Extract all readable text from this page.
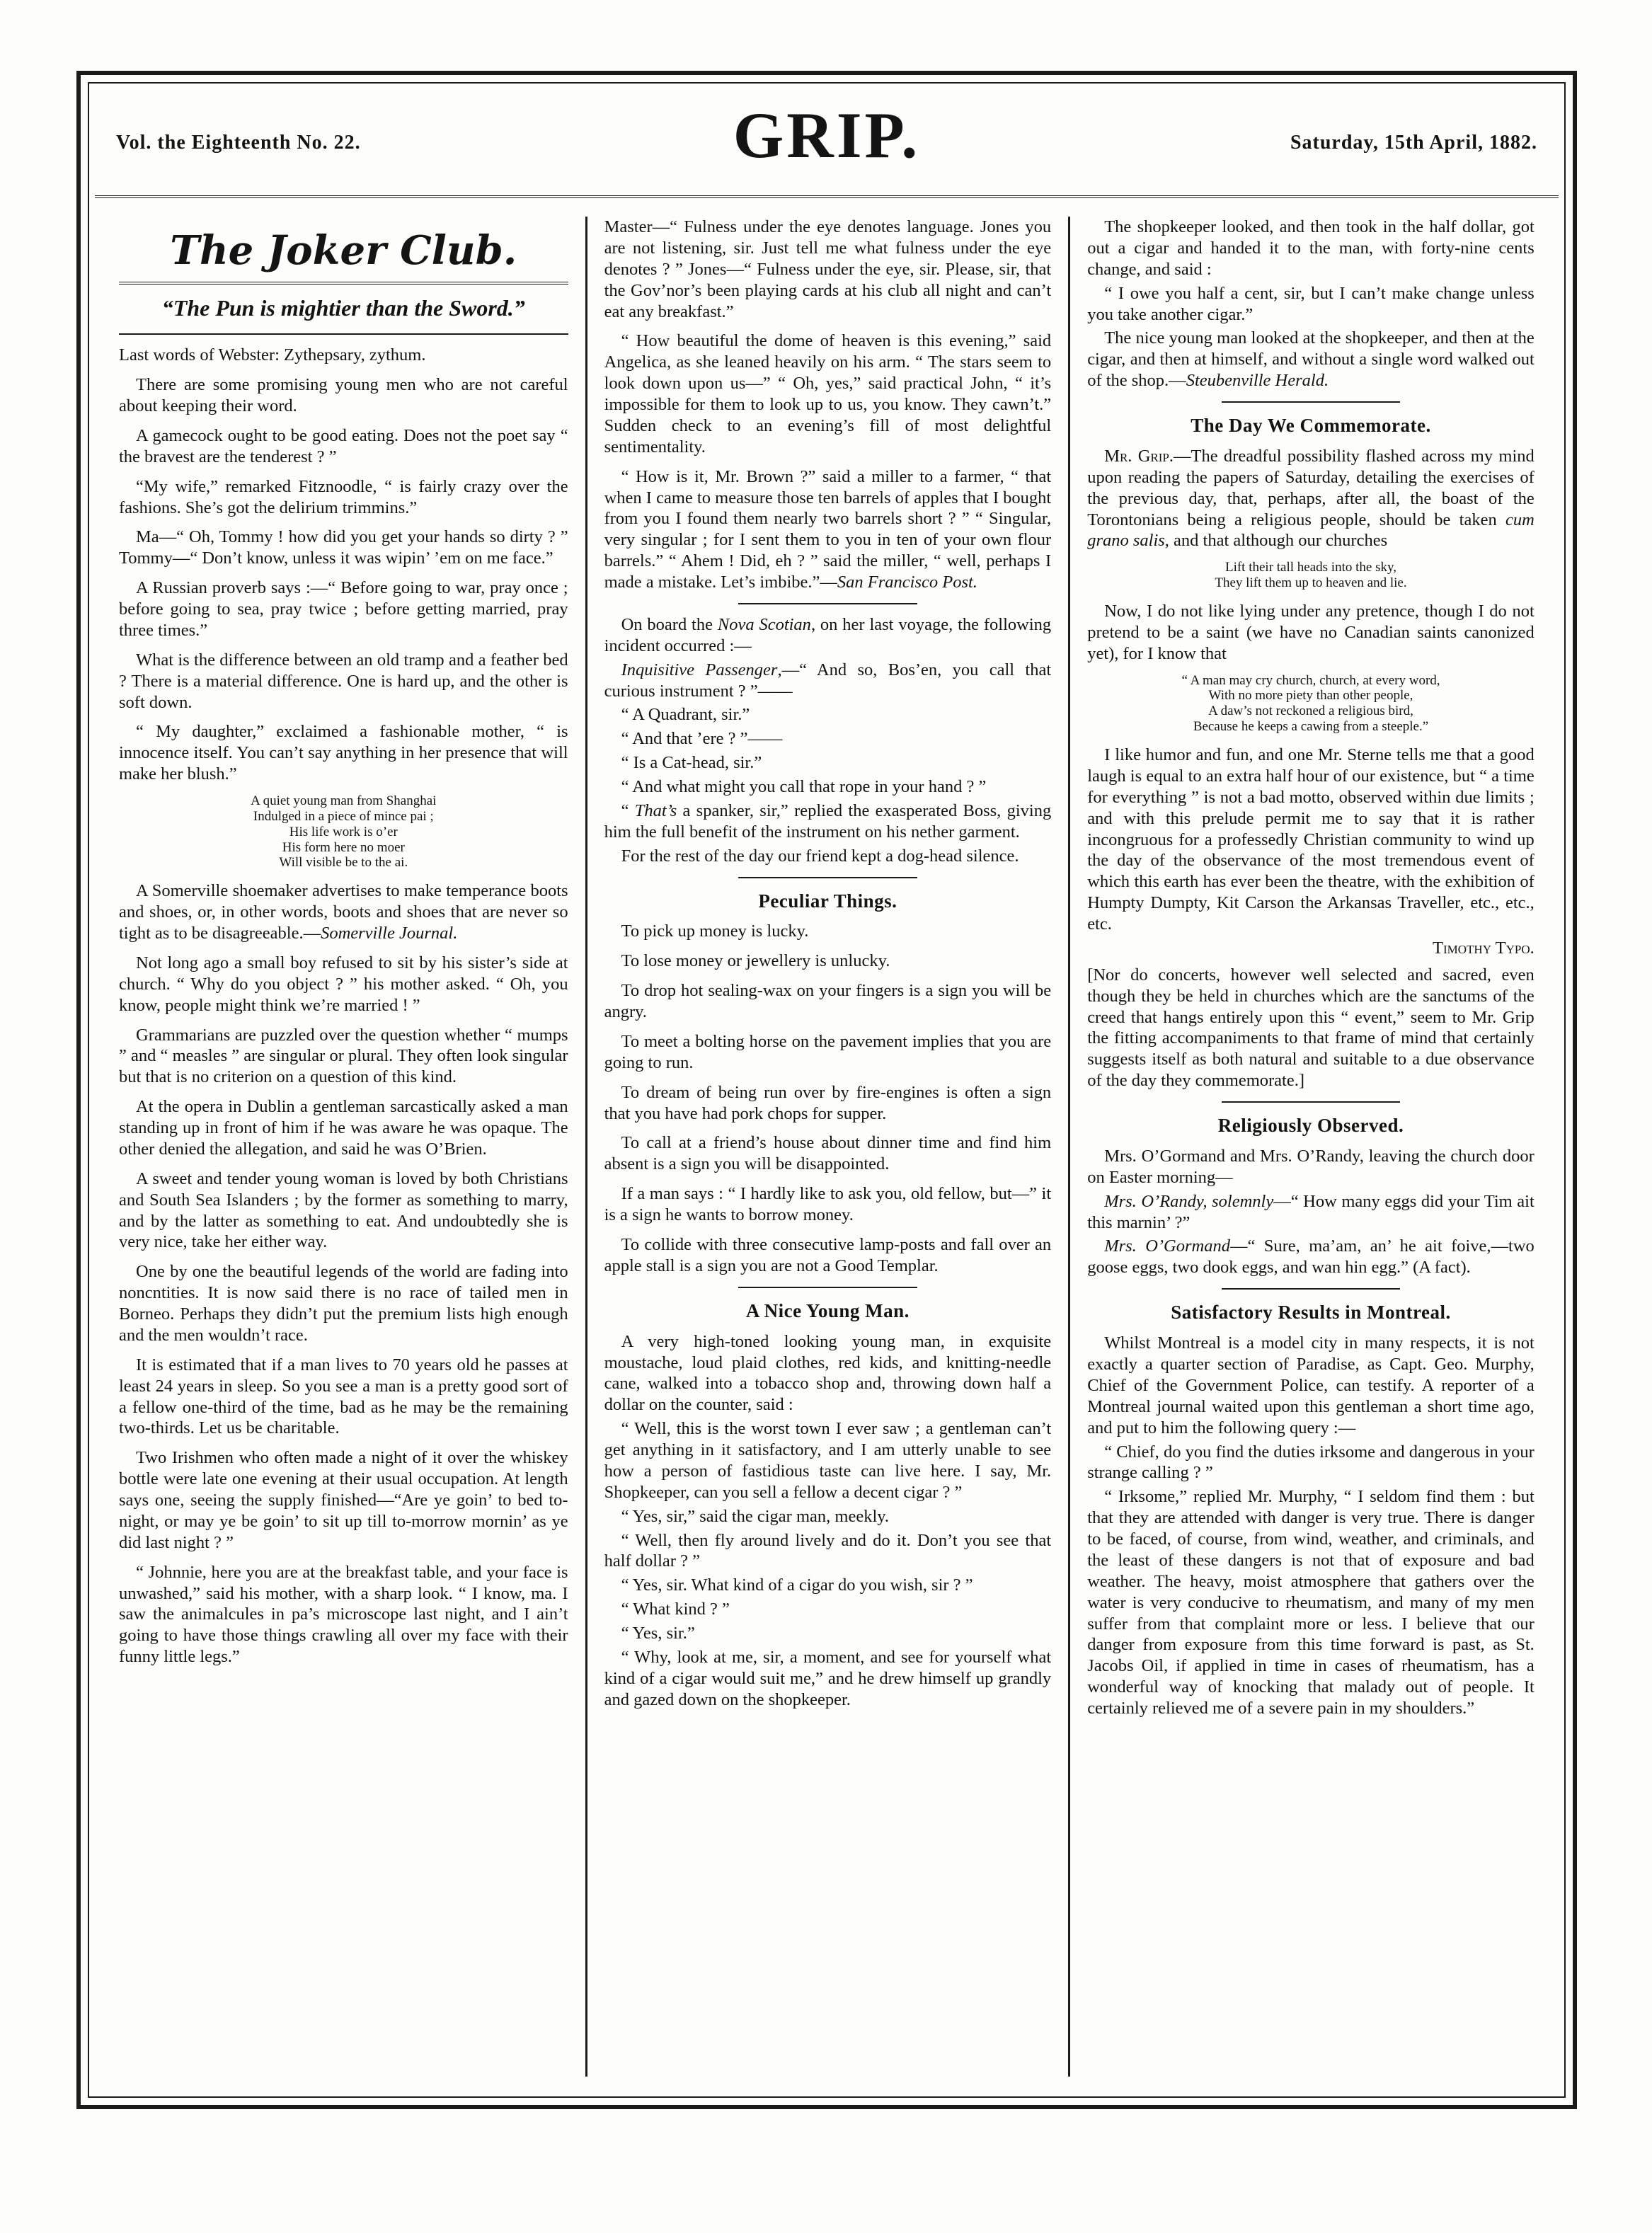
Vol. the Eighteenth No. 22.	GRIP.	Saturday, 15th April, 1882.
The Joker Club.
“The Pun is mightier than the Sword.”

Last words of Webster: Zythepsary, zythum.

There are some promising young men who are not careful about keeping their word.

A gamecock ought to be good eating. Does not the poet say “ the bravest are the tenderest ? ”

“My wife,” remarked Fitznoodle, “ is fairly crazy over the fashions. She’s got the delirium trimmins.”

Ma—“ Oh, Tommy ! how did you get your hands so dirty ? ” Tommy—“ Don’t know, unless it was wipin’ ’em on me face.”

A Russian proverb says :—“ Before going to war, pray once ; before going to sea, pray twice ; before getting married, pray three times.”

What is the difference between an old tramp and a feather bed ? There is a material difference. One is hard up, and the other is soft down.

“ My daughter,” exclaimed a fashionable mother, “ is innocence itself. You can’t say anything in her presence that will make her blush.”

A quiet young man from Shanghai
Indulged in a piece of mince pai ;
His life work is o’er
His form here no moer
Will visible be to the ai.

A Somerville shoemaker advertises to make temperance boots and shoes, or, in other words, boots and shoes that are never so tight as to be disagreeable.—Somerville Journal.

Not long ago a small boy refused to sit by his sister’s side at church. “ Why do you object ? ” his mother asked. “ Oh, you know, people might think we’re married ! ”

Grammarians are puzzled over the question whether “ mumps ” and “ measles ” are singular or plural. They often look singular but that is no criterion on a question of this kind.

At the opera in Dublin a gentleman sarcastically asked a man standing up in front of him if he was aware he was opaque. The other denied the allegation, and said he was O’Brien.

A sweet and tender young woman is loved by both Christians and South Sea Islanders ; by the former as something to marry, and by the latter as something to eat. And undoubtedly she is very nice, take her either way.

One by one the beautiful legends of the world are fading into noncntities. It is now said there is no race of tailed men in Borneo. Perhaps they didn’t put the premium lists high enough and the men wouldn’t race.

It is estimated that if a man lives to 70 years old he passes at least 24 years in sleep. So you see a man is a pretty good sort of a fellow one-third of the time, bad as he may be the remaining two-thirds. Let us be charitable.

Two Irishmen who often made a night of it over the whiskey bottle were late one evening at their usual occupation. At length says one, seeing the supply finished—“Are ye goin’ to bed to-night, or may ye be goin’ to sit up till to-morrow mornin’ as ye did last night ? ”

“ Johnnie, here you are at the breakfast table, and your face is unwashed,” said his mother, with a sharp look. “ I know, ma. I saw the animalcules in pa’s microscope last night, and I ain’t going to have those things crawling all over my face with their funny little legs.”

Master—“ Fulness under the eye denotes language. Jones you are not listening, sir. Just tell me what fulness under the eye denotes ? ” Jones—“ Fulness under the eye, sir. Please, sir, that the Gov’nor’s been playing cards at his club all night and can’t eat any breakfast.”

“ How beautiful the dome of heaven is this evening,” said Angelica, as she leaned heavily on his arm. “ The stars seem to look down upon us—” “ Oh, yes,” said practical John, “ it’s impossible for them to look up to us, you know. They cawn’t.” Sudden check to an evening’s fill of most delightful sentimentality.

“ How is it, Mr. Brown ?” said a miller to a farmer, “ that when I came to measure those ten barrels of apples that I bought from you I found them nearly two barrels short ? ” “ Singular, very singular ; for I sent them to you in ten of your own flour barrels.” “ Ahem ! Did, eh ? ” said the miller, “ well, perhaps I made a mistake. Let’s imbibe.”—San Francisco Post.

On board the Nova Scotian, on her last voyage, the following incident occurred :—

Inquisitive Passenger,—“ And so, Bos’en, you call that curious instrument ? ”——

“ A Quadrant, sir.”

“ And that ’ere ? ”——

“ Is a Cat-head, sir.”

“ And what might you call that rope in your hand ? ”

“ That’s a spanker, sir,” replied the exasperated Boss, giving him the full benefit of the instrument on his nether garment.

For the rest of the day our friend kept a dog-head silence.

Peculiar Things.

To pick up money is lucky.

To lose money or jewellery is unlucky.

To drop hot sealing-wax on your fingers is a sign you will be angry.

To meet a bolting horse on the pavement implies that you are going to run.

To dream of being run over by fire-engines is often a sign that you have had pork chops for supper.

To call at a friend’s house about dinner time and find him absent is a sign you will be disappointed.

If a man says : “ I hardly like to ask you, old fellow, but—” it is a sign he wants to borrow money.

To collide with three consecutive lamp-posts and fall over an apple stall is a sign you are not a Good Templar.

A Nice Young Man.

A very high-toned looking young man, in exquisite moustache, loud plaid clothes, red kids, and knitting-needle cane, walked into a tobacco shop and, throwing down half a dollar on the counter, said :

“ Well, this is the worst town I ever saw ; a gentleman can’t get anything in it satisfactory, and I am utterly unable to see how a person of fastidious taste can live here. I say, Mr. Shopkeeper, can you sell a fellow a decent cigar ? ”

“ Yes, sir,” said the cigar man, meekly.

“ Well, then fly around lively and do it. Don’t you see that half dollar ? ”

“ Yes, sir. What kind of a cigar do you wish, sir ? ”

“ What kind ? ”

“ Yes, sir.”

“ Why, look at me, sir, a moment, and see for yourself what kind of a cigar would suit me,” and he drew himself up grandly and gazed down on the shopkeeper.

The shopkeeper looked, and then took in the half dollar, got out a cigar and handed it to the man, with forty-nine cents change, and said :

“ I owe you half a cent, sir, but I can’t make change unless you take another cigar.”

The nice young man looked at the shopkeeper, and then at the cigar, and then at himself, and without a single word walked out of the shop.—Steubenville Herald.

The Day We Commemorate.

Mr. Grip.—The dreadful possibility flashed across my mind upon reading the papers of Saturday, detailing the exercises of the previous day, that, perhaps, after all, the boast of the Torontonians being a religious people, should be taken cum grano salis, and that although our churches

Lift their tall heads into the sky,
They lift them up to heaven and lie.

Now, I do not like lying under any pretence, though I do not pretend to be a saint (we have no Canadian saints canonized yet), for I know that

“ A man may cry church, church, at every word,
With no more piety than other people,
A daw’s not reckoned a religious bird,
Because he keeps a cawing from a steeple.”

I like humor and fun, and one Mr. Sterne tells me that a good laugh is equal to an extra half hour of our existence, but “ a time for everything ” is not a bad motto, observed within due limits ; and with this prelude permit me to say that it is rather incongruous for a professedly Christian community to wind up the day of the observance of the most tremendous event of which this earth has ever been the theatre, with the exhibition of Humpty Dumpty, Kit Carson the Arkansas Traveller, etc., etc., etc.

Timothy Typo.

[Nor do concerts, however well selected and sacred, even though they be held in churches which are the sanctums of the creed that hangs entirely upon this “ event,” seem to Mr. Grip the fitting accompaniments to that frame of mind that certainly suggests itself as both natural and suitable to a due observance of the day they commemorate.]

Religiously Observed.

Mrs. O’Gormand and Mrs. O’Randy, leaving the church door on Easter morning—

Mrs. O’Randy, solemnly—“ How many eggs did your Tim ait this marnin’ ?”

Mrs. O’Gormand—“ Sure, ma’am, an’ he ait foive,—two goose eggs, two dook eggs, and wan hin egg.” (A fact).

Satisfactory Results in Montreal.

Whilst Montreal is a model city in many respects, it is not exactly a quarter section of Paradise, as Capt. Geo. Murphy, Chief of the Government Police, can testify. A reporter of a Montreal journal waited upon this gentleman a short time ago, and put to him the following query :—

“ Chief, do you find the duties irksome and dangerous in your strange calling ? ”

“ Irksome,” replied Mr. Murphy, “ I seldom find them : but that they are attended with danger is very true. There is danger to be faced, of course, from wind, weather, and criminals, and the least of these dangers is not that of exposure and bad weather. The heavy, moist atmosphere that gathers over the water is very conducive to rheumatism, and many of my men suffer from that complaint more or less. I believe that our danger from exposure from this time forward is past, as St. Jacobs Oil, if applied in time in cases of rheumatism, has a wonderful way of knocking that malady out of people. It certainly relieved me of a severe pain in my shoulders.”
